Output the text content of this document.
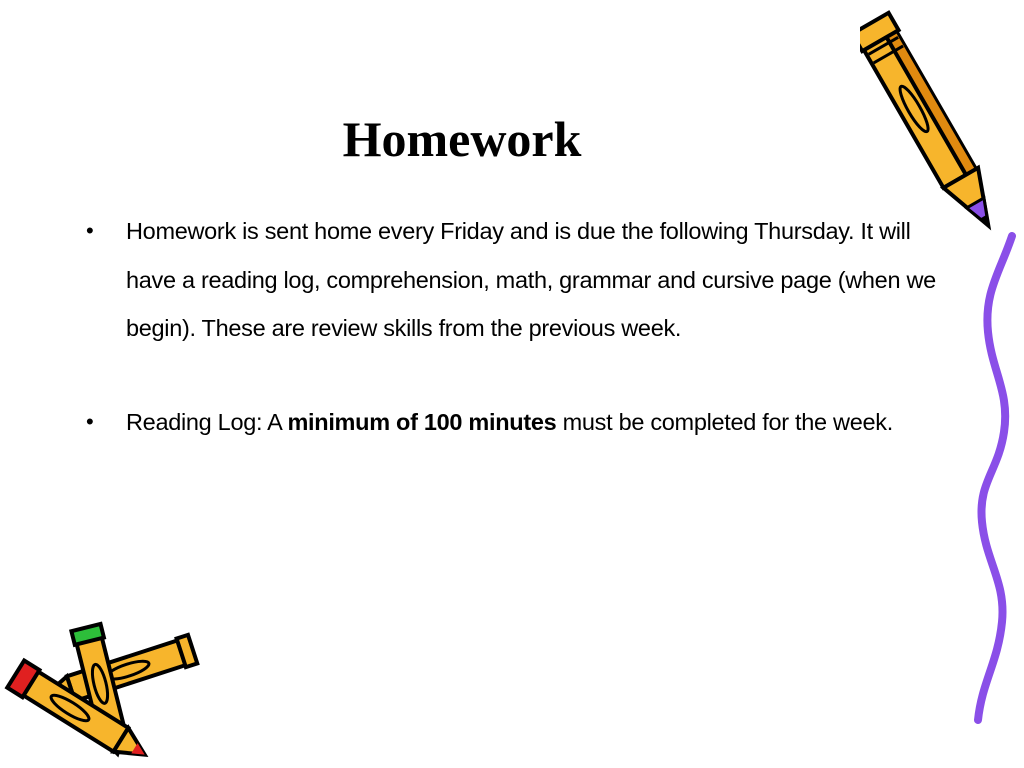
Homework
• Homework is sent home every Friday and is due the following Thursday. It will have a reading log, comprehension, math, grammar and cursive page (when we begin). These are review skills from the previous week.
• Reading Log: A minimum of 100 minutes must be completed for the week.
